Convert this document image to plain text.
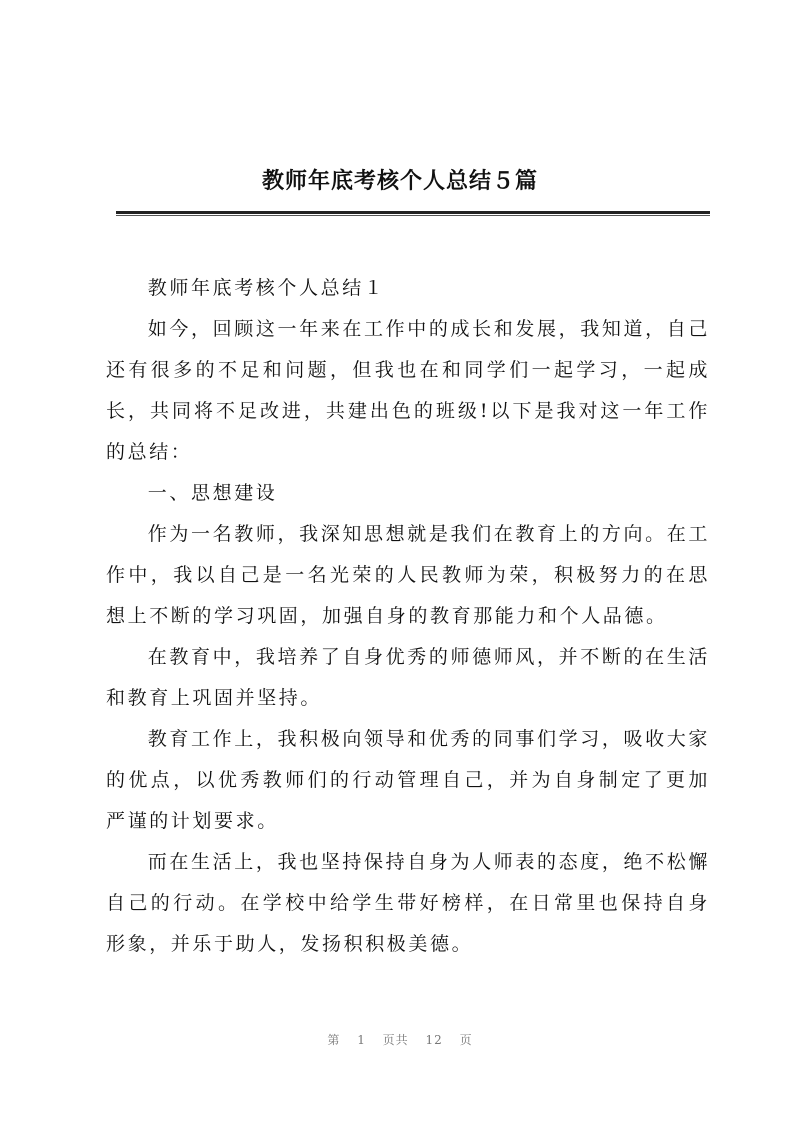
教师年底考核个人总结５篇

教师年底考核个人总结１

如今，回顾这一年来在工作中的成长和发展，我知道，自己还有很多的不足和问题，但我也在和同学们一起学习，一起成长，共同将不足改进，共建出色的班级!以下是我对这一年工作的总结：

一、思想建设

作为一名教师，我深知思想就是我们在教育上的方向。在工作中，我以自己是一名光荣的人民教师为荣，积极努力的在思想上不断的学习巩固，加强自身的教育那能力和个人品德。

在教育中，我培养了自身优秀的师德师风，并不断的在生活和教育上巩固并坚持。

教育工作上，我积极向领导和优秀的同事们学习，吸收大家的优点，以优秀教师们的行动管理自己，并为自身制定了更加严谨的计划要求。

而在生活上，我也坚持保持自身为人师表的态度，绝不松懈自己的行动。在学校中给学生带好榜样，在日常里也保持自身形象，并乐于助人，发扬积积极美德。

第 1 页共 12 页
